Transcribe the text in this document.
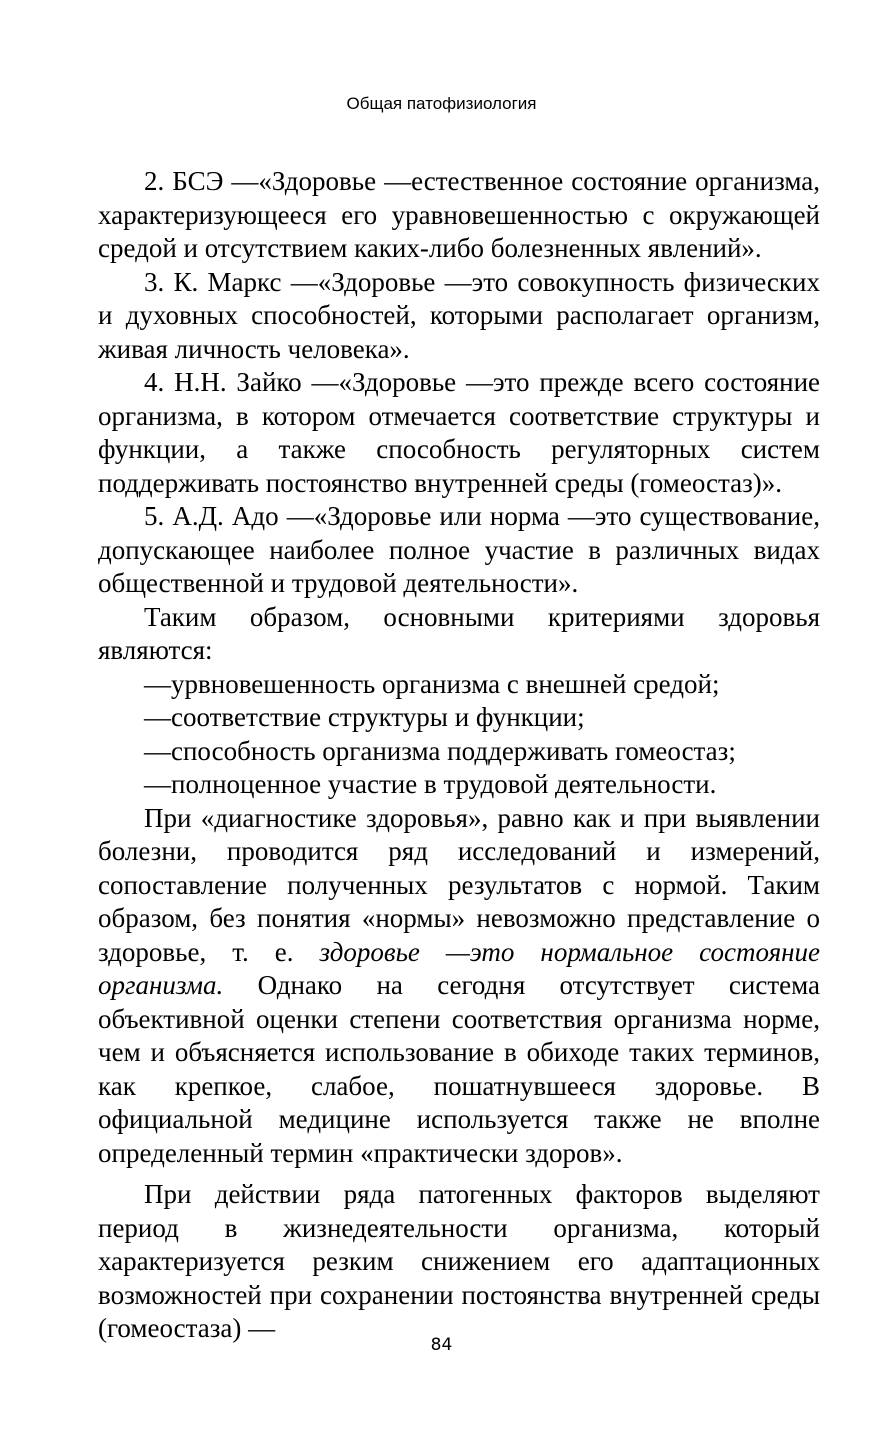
Общая патофизиология

2. БСЭ —«Здоровье —естественное состояние организма, характеризующееся его уравновешенностью с окружающей средой и отсутствием каких-либо болезненных явлений».

3. К. Маркс —«Здоровье —это совокупность физических и духовных способностей, которыми располагает организм, живая личность человека».

4. Н.Н. Зайко —«Здоровье —это прежде всего состояние организма, в котором отмечается соответствие структуры и функции, а также способность регуляторных систем поддерживать постоянство внутренней среды (гомеостаз)».

5. А.Д. Адо —«Здоровье или норма —это существование, допускающее наиболее полное участие в различных видах общественной и трудовой деятельности».

Таким образом, основными критериями здоровья являются:

—урвновешенность организма с внешней средой;

—соответствие структуры и функции;

—способность организма поддерживать гомеостаз;

—полноценное участие в трудовой деятельности.

При «диагностике здоровья», равно как и при выявлении болезни, проводится ряд исследований и измерений, сопоставление полученных результатов с нормой. Таким образом, без понятия «нормы» невозможно представление о здоровье, т. е. здоровье —это нормальное состояние организма. Однако на сегодня отсутствует система объективной оценки степени соответствия организма норме, чем и объясняется использование в обиходе таких терминов, как крепкое, слабое, пошатнувшееся здоровье. В официальной медицине используется также не вполне определенный термин «практически здоров».

При действии ряда патогенных факторов выделяют период в жизнедеятельности организма, который характеризуется резким снижением его адаптационных возможностей при сохранении постоянства внутренней среды (гомеостаза) —

84
